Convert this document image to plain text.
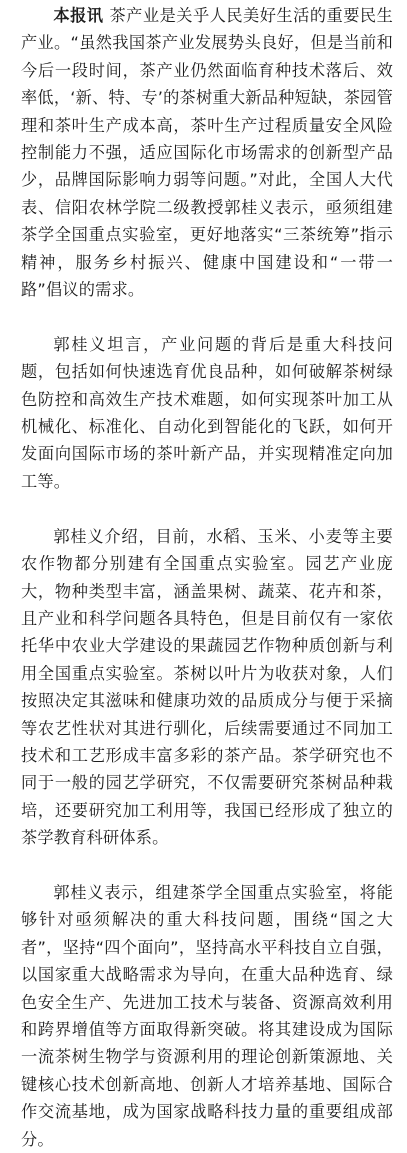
本报讯 茶产业是关乎人民美好生活的重要民生产业。“虽然我国茶产业发展势头良好，但是当前和今后一段时间，茶产业仍然面临育种技术落后、效率低，‘新、特、专’的茶树重大新品种短缺，茶园管理和茶叶生产成本高，茶叶生产过程质量安全风险控制能力不强，适应国际化市场需求的创新型产品少，品牌国际影响力弱等问题。”对此，全国人大代表、信阳农林学院二级教授郭桂义表示，亟须组建茶学全国重点实验室，更好地落实“三茶统筹”指示精神，服务乡村振兴、健康中国建设和“一带一路”倡议的需求。

郭桂义坦言，产业问题的背后是重大科技问题，包括如何快速选育优良品种，如何破解茶树绿色防控和高效生产技术难题，如何实现茶叶加工从机械化、标准化、自动化到智能化的飞跃，如何开发面向国际市场的茶叶新产品，并实现精准定向加工等。

郭桂义介绍，目前，水稻、玉米、小麦等主要农作物都分别建有全国重点实验室。园艺产业庞大，物种类型丰富，涵盖果树、蔬菜、花卉和茶，且产业和科学问题各具特色，但是目前仅有一家依托华中农业大学建设的果蔬园艺作物种质创新与利用全国重点实验室。茶树以叶片为收获对象，人们按照决定其滋味和健康功效的品质成分与便于采摘等农艺性状对其进行驯化，后续需要通过不同加工技术和工艺形成丰富多彩的茶产品。茶学研究也不同于一般的园艺学研究，不仅需要研究茶树品种栽培，还要研究加工利用等，我国已经形成了独立的茶学教育科研体系。

郭桂义表示，组建茶学全国重点实验室，将能够针对亟须解决的重大科技问题，围绕“国之大者”，坚持“四个面向”，坚持高水平科技自立自强，以国家重大战略需求为导向，在重大品种选育、绿色安全生产、先进加工技术与装备、资源高效利用和跨界增值等方面取得新突破。将其建设成为国际一流茶树生物学与资源利用的理论创新策源地、关键核心技术创新高地、创新人才培养基地、国际合作交流基地，成为国家战略科技力量的重要组成部分。
